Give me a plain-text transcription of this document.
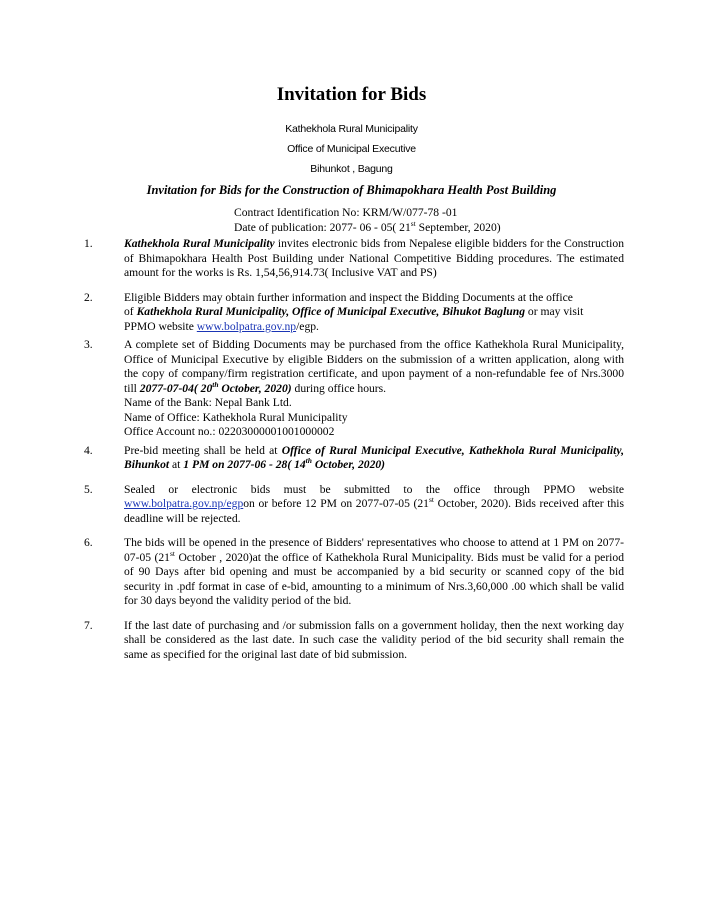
Invitation for Bids
Kathekhola Rural Municipality
Office of Municipal Executive
Bihunkot , Bagung
Invitation for Bids for the Construction of Bhimapokhara Health Post Building
Contract Identification No: KRM/W/077-78 -01
Date of publication: 2077- 06 - 05( 21st September, 2020)
1.	Kathekhola Rural Municipality invites electronic bids from Nepalese eligible bidders for the Construction of Bhimapokhara Health Post Building under National Competitive Bidding procedures. The estimated amount for the works is Rs. 1,54,56,914.73( Inclusive VAT and PS)
2.	Eligible Bidders may obtain further information and inspect the Bidding Documents at the office

of Kathekhola Rural Municipality, Office of Municipal Executive, Bihukot Baglung or may visit

PPMO website www.bolpatra.gov.np/egp.

3.	A complete set of Bidding Documents may be purchased from the office Kathekhola Rural Municipality, Office of Municipal Executive by eligible Bidders on the submission of a written application, along with the copy of company/firm registration certificate, and upon payment of a non-refundable fee of Nrs.3000 till 2077-07-04( 20th October, 2020) during office hours.

Name of the Bank: Nepal Bank Ltd.

Name of Office: Kathekhola Rural Municipality

Office Account no.: 02203000001001000002

4.	Pre-bid meeting shall be held at Office of Rural Municipal Executive, Kathekhola Rural Municipality, Bihunkot at 1 PM on 2077-06 - 28( 14th October, 2020)
5.	Sealed or electronic bids must be submitted to the office through PPMO website www.bolpatra.gov.np/egpon or before 12 PM on 2077-07-05 (21st October, 2020). Bids received after this deadline will be rejected.
6.	The bids will be opened in the presence of Bidders' representatives who choose to attend at 1 PM on 2077-07-05 (21st October , 2020)at the office of Kathekhola Rural Municipality. Bids must be valid for a period of 90 Days after bid opening and must be accompanied by a bid security or scanned copy of the bid security in .pdf format in case of e-bid, amounting to a minimum of Nrs.3,60,000 .00 which shall be valid for 30 days beyond the validity period of the bid.
7.	If the last date of purchasing and /or submission falls on a government holiday, then the next working day shall be considered as the last date. In such case the validity period of the bid security shall remain the same as specified for the original last date of bid submission.
